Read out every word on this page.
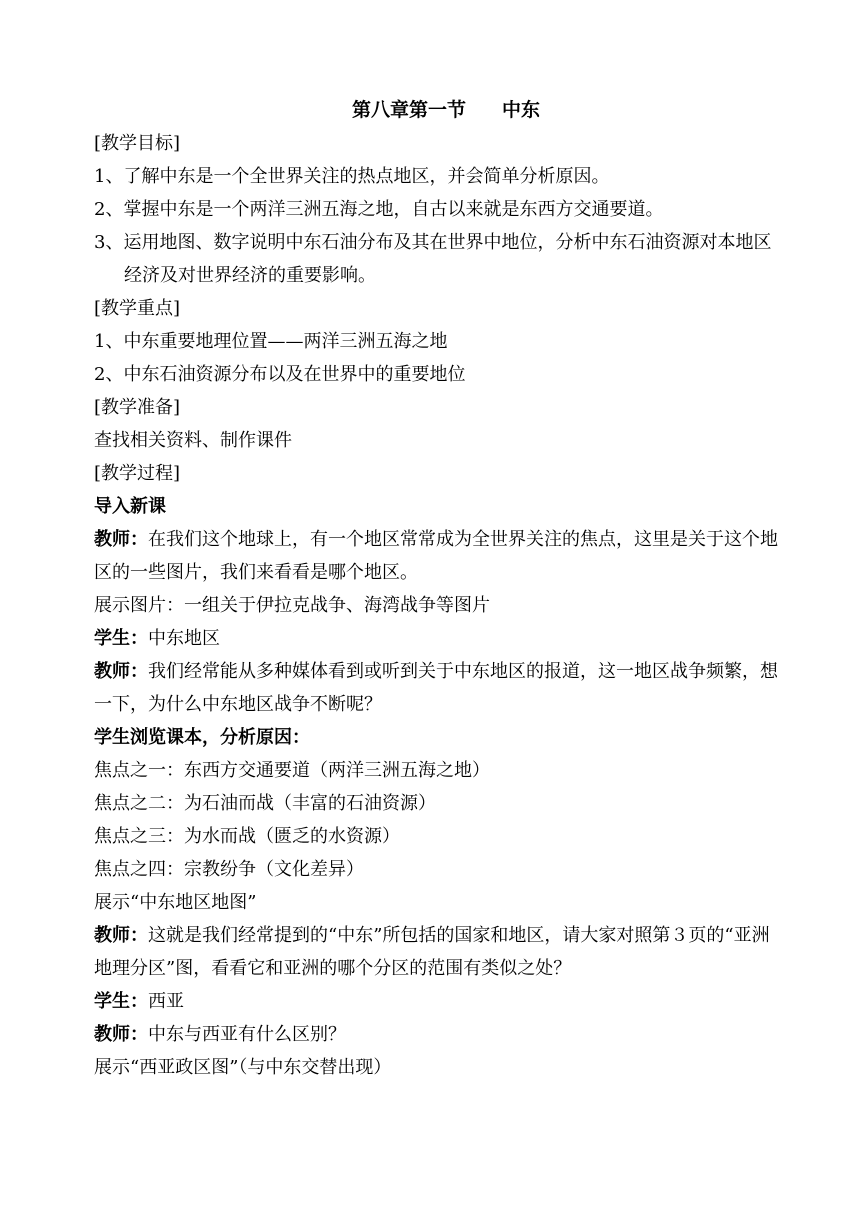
第八章第一节 中东
[教学目标]
1、了解中东是一个全世界关注的热点地区，并会简单分析原因。
2、掌握中东是一个两洋三洲五海之地，自古以来就是东西方交通要道。
3、运用地图、数字说明中东石油分布及其在世界中地位，分析中东石油资源对本地区经济及对世界经济的重要影响。
[教学重点]
1、中东重要地理位置——两洋三洲五海之地
2、中东石油资源分布以及在世界中的重要地位
[教学准备]
查找相关资料、制作课件
[教学过程]
导入新课
教师：在我们这个地球上，有一个地区常常成为全世界关注的焦点，这里是关于这个地区的一些图片，我们来看看是哪个地区。
展示图片：一组关于伊拉克战争、海湾战争等图片
学生：中东地区
教师：我们经常能从多种媒体看到或听到关于中东地区的报道，这一地区战争频繁，想一下，为什么中东地区战争不断呢？
学生浏览课本，分析原因：
焦点之一：东西方交通要道（两洋三洲五海之地）
焦点之二：为石油而战（丰富的石油资源）
焦点之三：为水而战（匮乏的水资源）
焦点之四：宗教纷争（文化差异）
展示“中东地区地图”
教师：这就是我们经常提到的“中东”所包括的国家和地区，请大家对照第３页的“亚洲地理分区”图，看看它和亚洲的哪个分区的范围有类似之处？
学生：西亚
教师：中东与西亚有什么区别？
展示“西亚政区图”（与中东交替出现）
